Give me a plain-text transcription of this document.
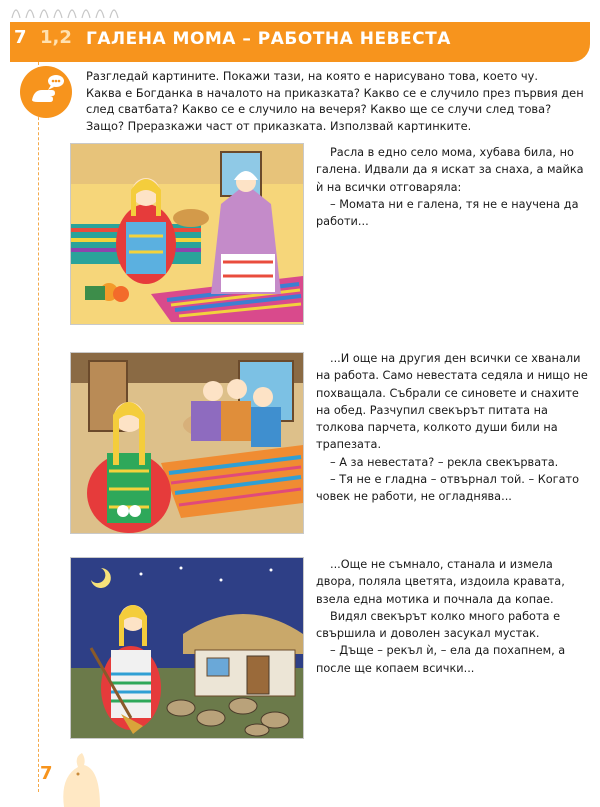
7 1,2 ГАЛЕНА МОМА – РАБОТНА НЕВЕСТА
Разгледай картините. Покажи тази, на която е нарисувано това, което чу.
Каква е Богданка в началото на приказката? Какво се е случило през първия ден
след сватбата? Какво се е случило на вечеря? Какво ще се случи след това?
Защо? Преразкажи част от приказката. Използвай картинките.

Расла в едно село мома, хубава била, но галена. Идвали да я искат за снаха, а майка ѝ на всички отговаряла:

– Момата ни е галена, тя не е научена да работи...

...И още на другия ден всички се хванали на работа. Само невестата седяла и нищо не похващала. Събрали се синовете и снахите на обед. Разчупил свекърът питата на толкова парчета, колкото души били на трапезата.

– А за невестата? – рекла свекървата.

– Тя не е гладна – отвърнал той. – Когато човек не работи, не огладнява...

...Още не съмнало, станала и измела двора, поляла цветята, издоила кравата, взела една мотика и почнала да копае.

Видял свекърът колко много работа е свършила и доволен засукал мустак.

– Дъще – рекъл ѝ, – ела да похапнем, а после ще копаем всички...

7
